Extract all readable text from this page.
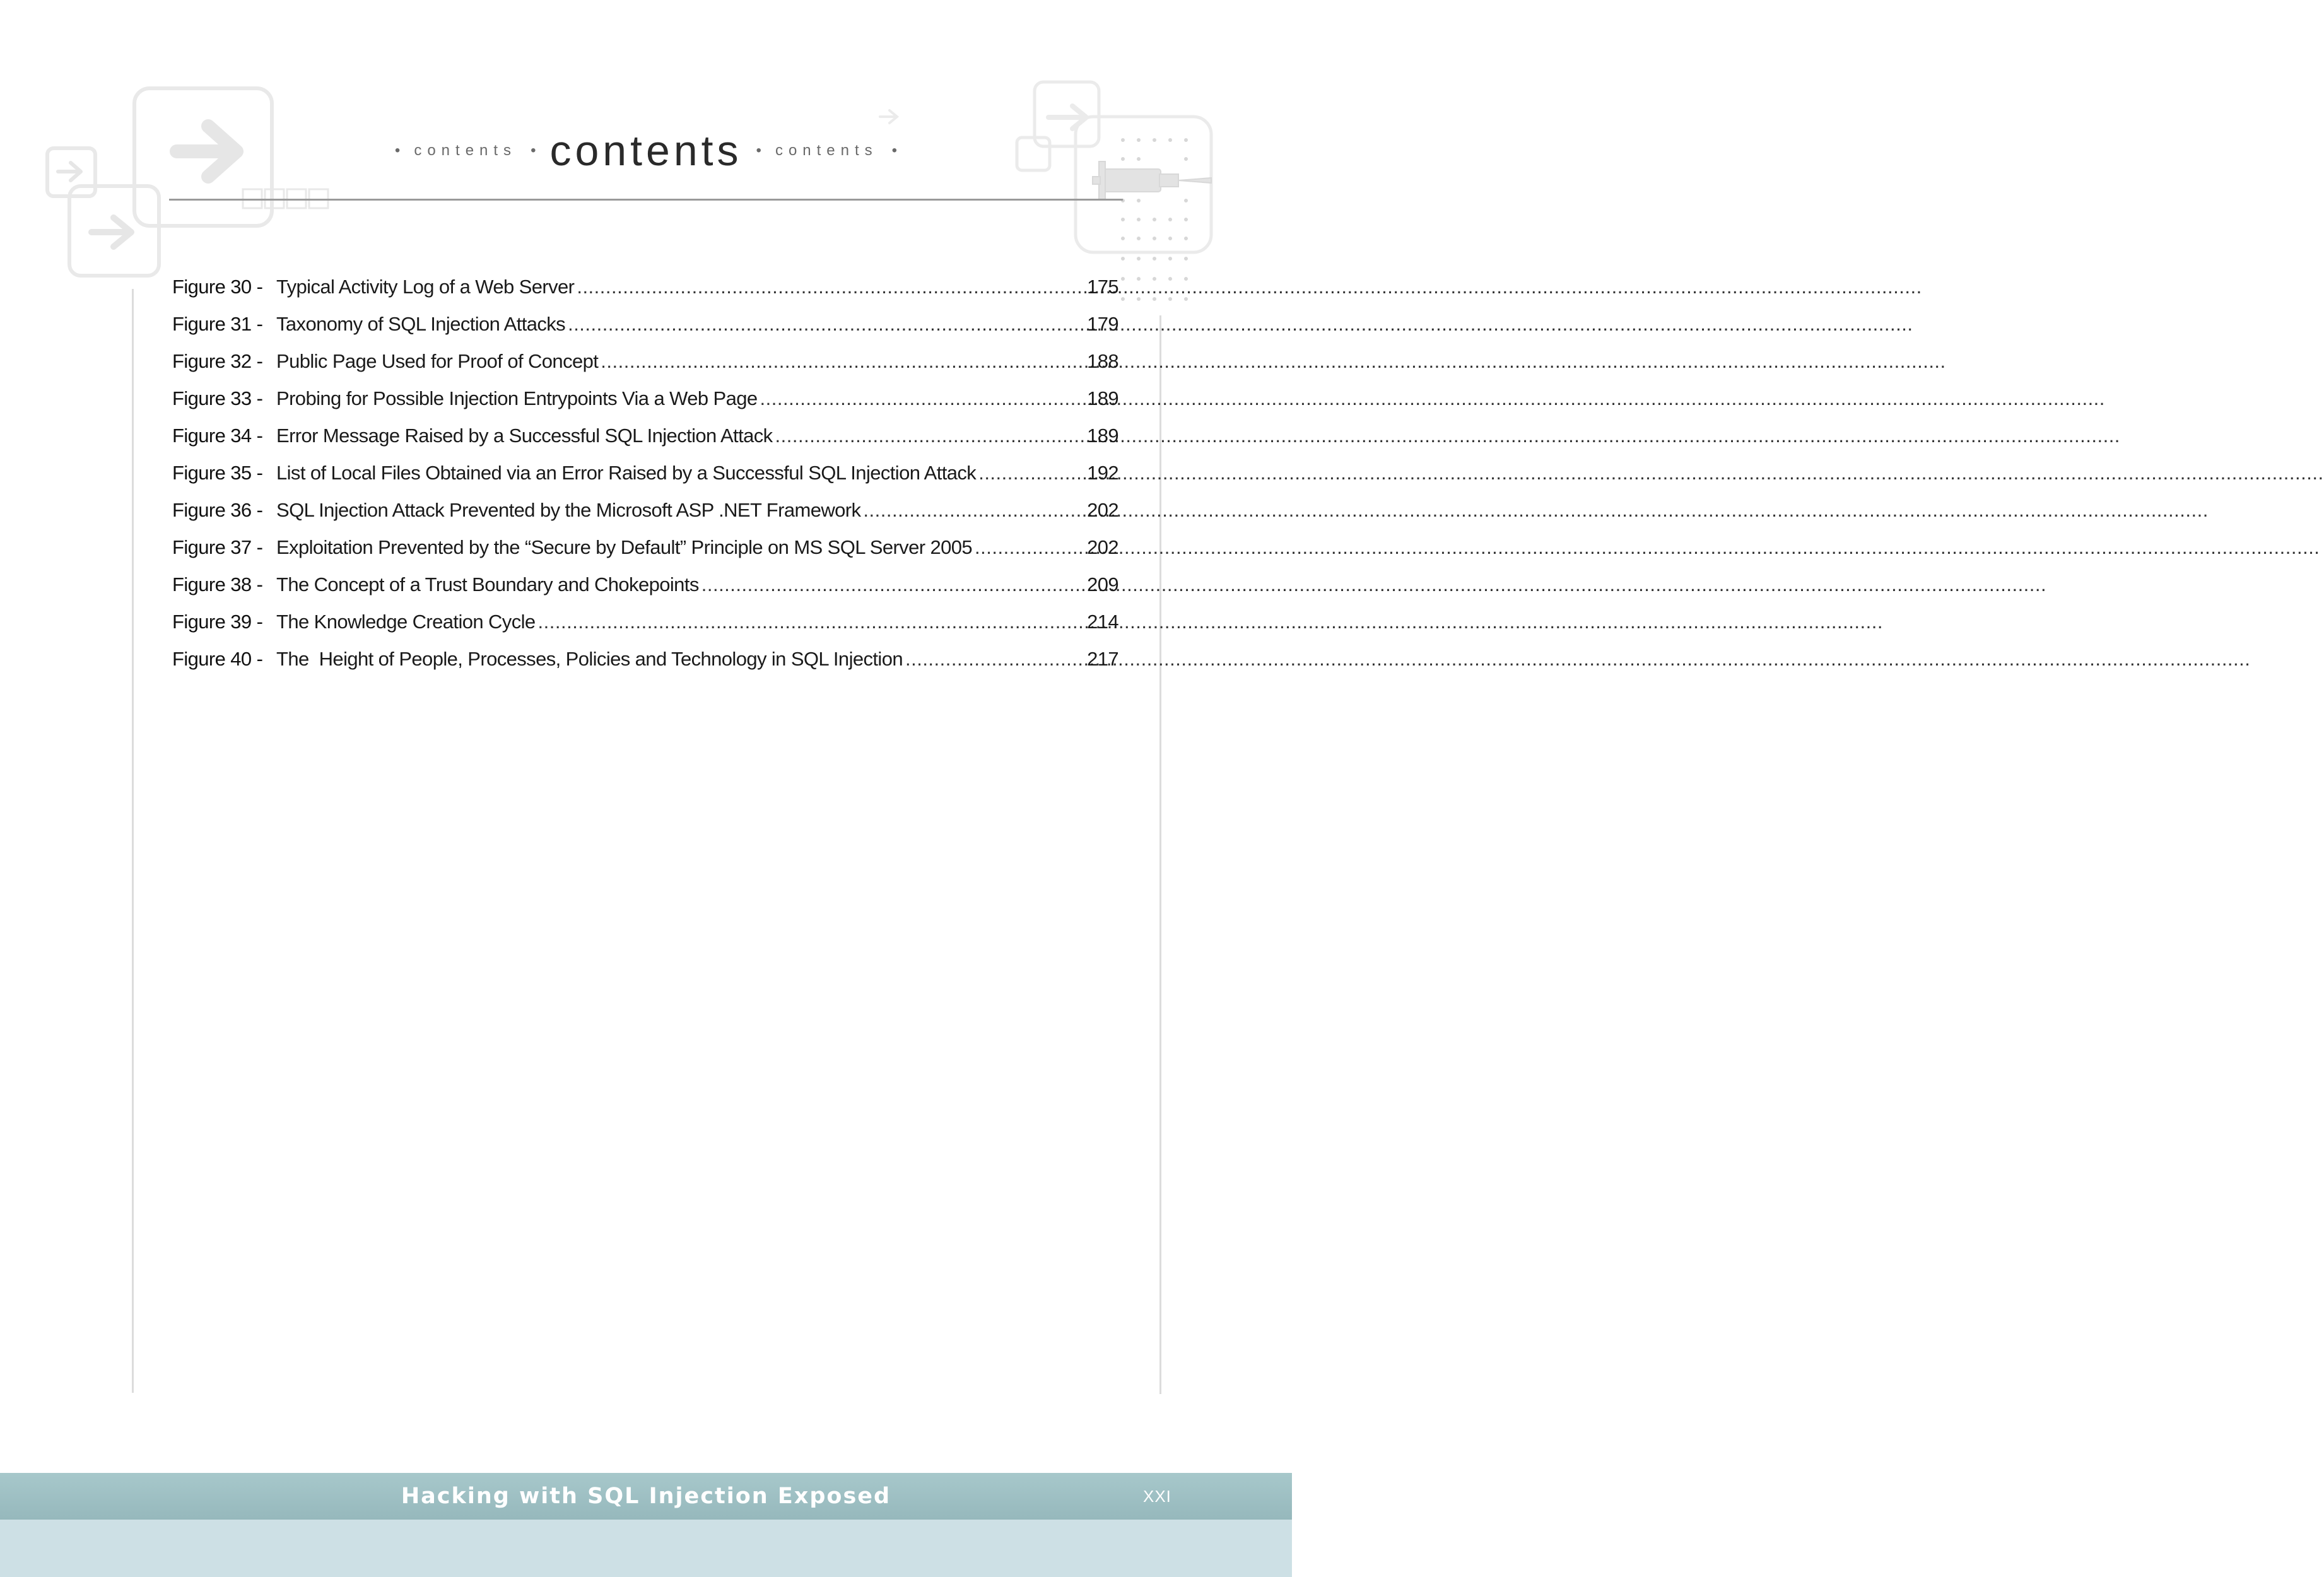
• contents • contents • contents •
Figure 30 - Typical Activity Log of a Web Server .....	175
Figure 31 - Taxonomy of SQL Injection Attacks .....	179
Figure 32 - Public Page Used for Proof of Concept .....	188
Figure 33 - Probing for Possible Injection Entrypoints Via a Web Page .....	189
Figure 34 - Error Message Raised by a Successful SQL Injection Attack .....	189
Figure 35 - List of Local Files Obtained via an Error Raised by a Successful SQL Injection Attack .....	192
Figure 36 - SQL Injection Attack Prevented by the Microsoft ASP .NET Framework .....	202
Figure 37 - Exploitation Prevented by the “Secure by Default” Principle on MS SQL Server 2005 .....	202
Figure 38 - The Concept of a Trust Boundary and Chokepoints .....	209
Figure 39 - The Knowledge Creation Cycle .....	214
Figure 40 - The  Height of People, Processes, Policies and Technology in SQL Injection .....	217
Hacking with SQL Injection Exposed	XXI
